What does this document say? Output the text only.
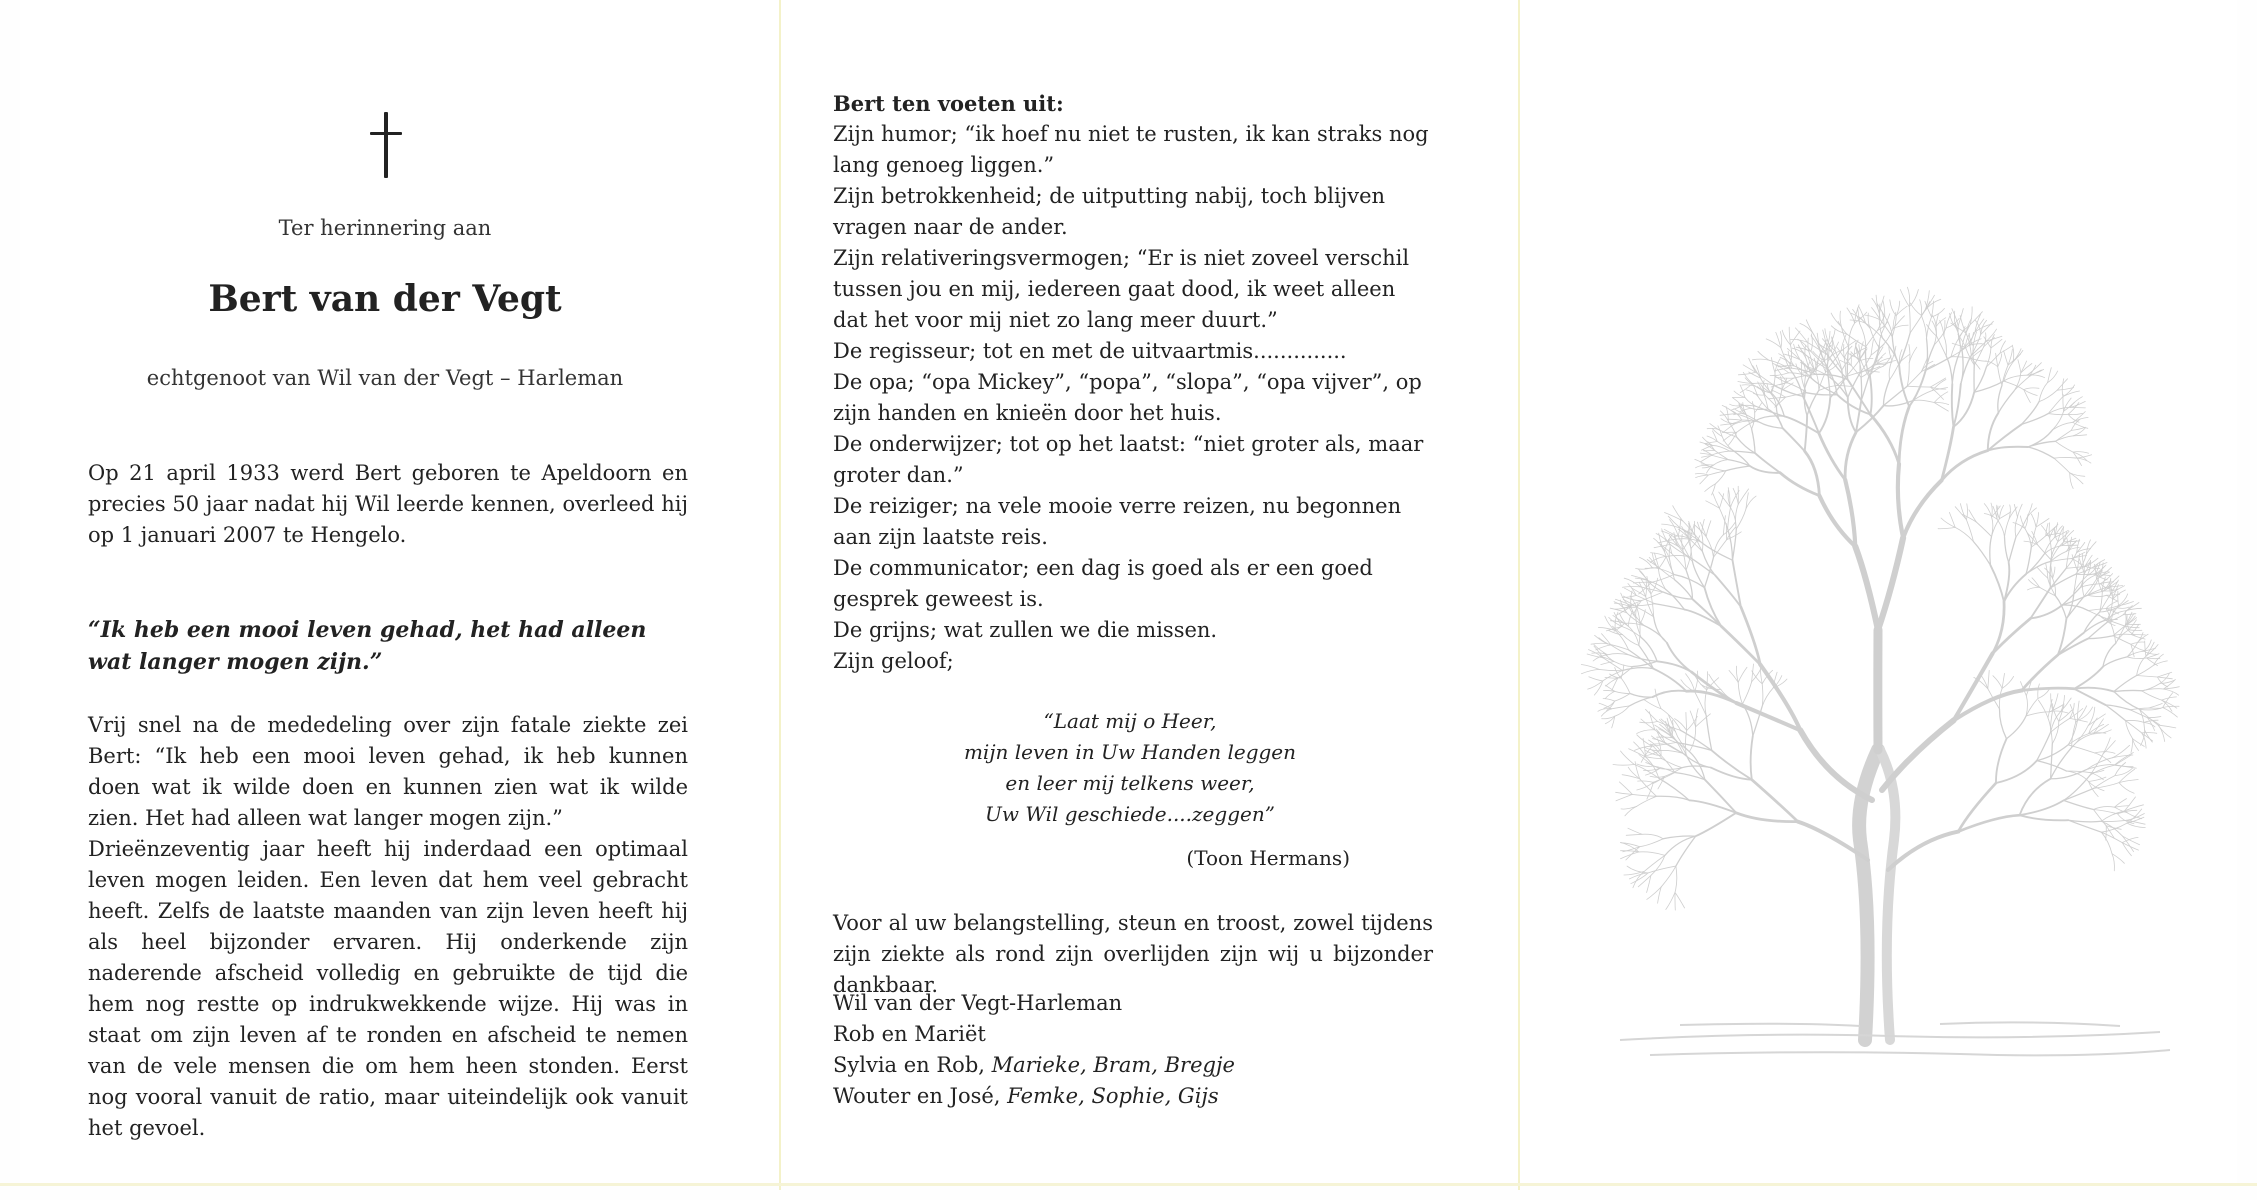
Ter herinnering aan
Bert van der Vegt
echtgenoot van Wil van der Vegt – Harleman
Op 21 april 1933 werd Bert geboren te Apeldoorn en precies 50 jaar nadat hij Wil leerde kennen, overleed hij op 1 januari 2007 te Hengelo.
“Ik heb een mooi leven gehad, het had alleen wat langer mogen zijn.”

Vrij snel na de mededeling over zijn fatale ziekte zei Bert: “Ik heb een mooi leven gehad, ik heb kunnen doen wat ik wilde doen en kunnen zien wat ik wilde zien. Het had alleen wat langer mogen zijn.”

Drieënzeventig jaar heeft hij inderdaad een optimaal leven mogen leiden. Een leven dat hem veel gebracht heeft. Zelfs de laatste maanden van zijn leven heeft hij als heel bijzonder ervaren. Hij onderkende zijn naderende afscheid volledig en gebruikte de tijd die hem nog restte op indrukwekkende wijze. Hij was in staat om zijn leven af te ronden en afscheid te nemen van de vele mensen die om hem heen stonden. Eerst nog vooral vanuit de ratio, maar uiteindelijk ook vanuit het gevoel.

Bert ten voeten uit:

Zijn humor; “ik hoef nu niet te rusten, ik kan straks nog lang genoeg liggen.”

Zijn betrokkenheid; de uitputting nabij, toch blijven vragen naar de ander.

Zijn relativeringsvermogen; “Er is niet zoveel verschil tussen jou en mij, iedereen gaat dood, ik weet alleen dat het voor mij niet zo lang meer duurt.”

De regisseur; tot en met de uitvaartmis..............

De opa; “opa Mickey”, “popa”, “slopa”, “opa vijver”, op zijn handen en knieën door het huis.

De onderwijzer; tot op het laatst: “niet groter als, maar groter dan.”

De reiziger; na vele mooie verre reizen, nu begonnen aan zijn laatste reis.

De communicator; een dag is goed als er een goed gesprek geweest is.

De grijns; wat zullen we die missen.

Zijn geloof;

“Laat mij o Heer,
mijn leven in Uw Handen leggen
en leer mij telkens weer,
Uw Wil geschiede....zeggen”
(Toon Hermans)
Voor al uw belangstelling, steun en troost, zowel tijdens zijn ziekte als rond zijn overlijden zijn wij u bijzonder dankbaar.
Wil van der Vegt-Harleman
Rob en Mariët
Sylvia en Rob, Marieke, Bram, Bregje
Wouter en José, Femke, Sophie, Gijs
